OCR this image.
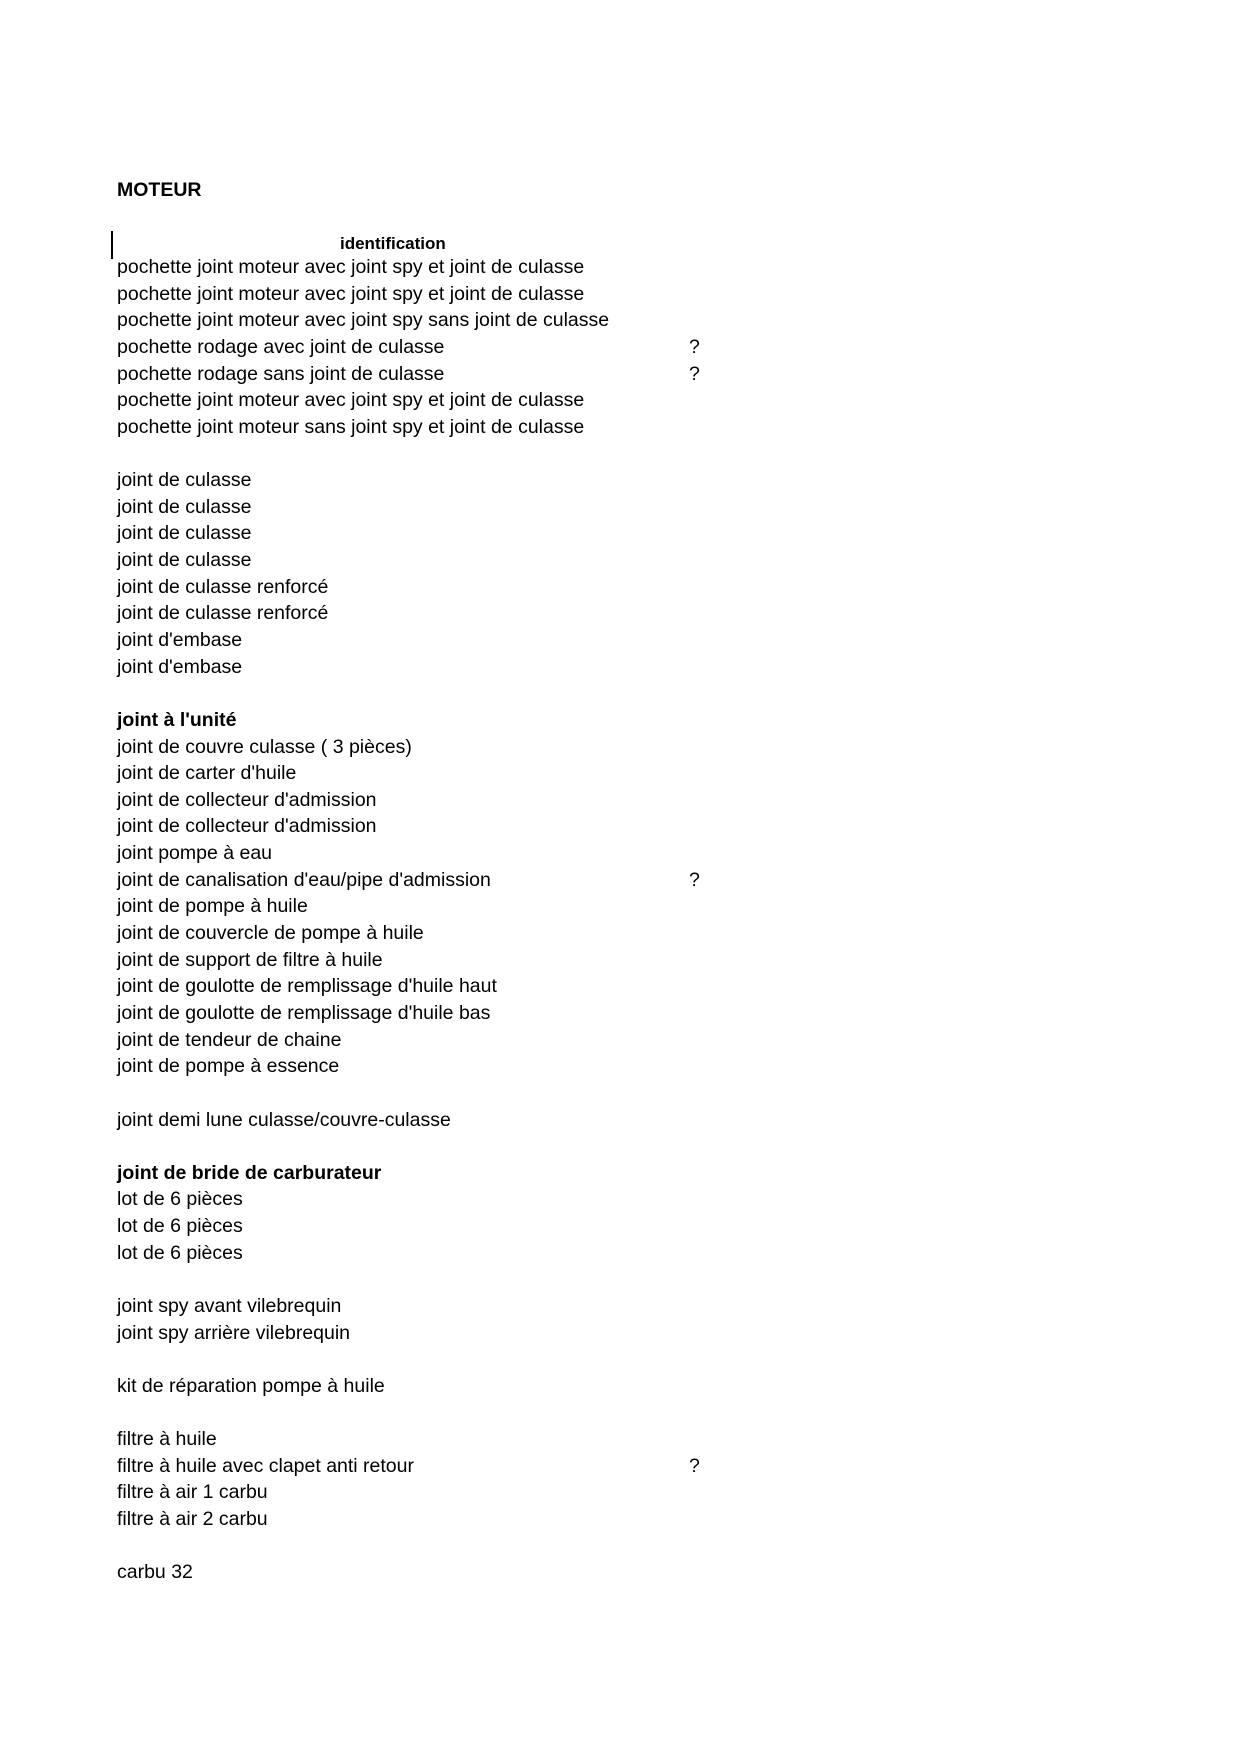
MOTEUR
identification
pochette joint moteur avec joint spy et joint de culasse
pochette joint moteur avec joint spy et joint de culasse
pochette joint moteur avec joint spy sans joint de culasse
pochette rodage avec joint de culasse	?
pochette rodage sans joint de culasse	?
pochette joint moteur avec joint spy et joint de culasse
pochette joint moteur sans joint spy et joint de culasse
joint de culasse
joint de culasse
joint de culasse
joint de culasse
joint de culasse renforcé
joint de culasse renforcé
joint d'embase
joint d'embase
joint à l'unité
joint de couvre culasse ( 3 pièces)
joint de carter d'huile
joint de collecteur d'admission
joint de collecteur d'admission
joint pompe à eau
joint de canalisation d'eau/pipe d'admission	?
joint de pompe à huile
joint de couvercle de pompe à huile
joint de support de filtre à huile
joint de goulotte de remplissage d'huile haut
joint de goulotte de remplissage d'huile bas
joint de tendeur de chaine
joint de pompe à essence
joint demi lune culasse/couvre-culasse
joint de bride de carburateur
lot de 6 pièces
lot de 6 pièces
lot de 6 pièces
joint spy avant vilebrequin
joint spy arrière vilebrequin
kit de réparation pompe à huile
filtre à huile
filtre à huile avec clapet anti retour	?
filtre à air 1 carbu
filtre à air 2 carbu
carbu 32
